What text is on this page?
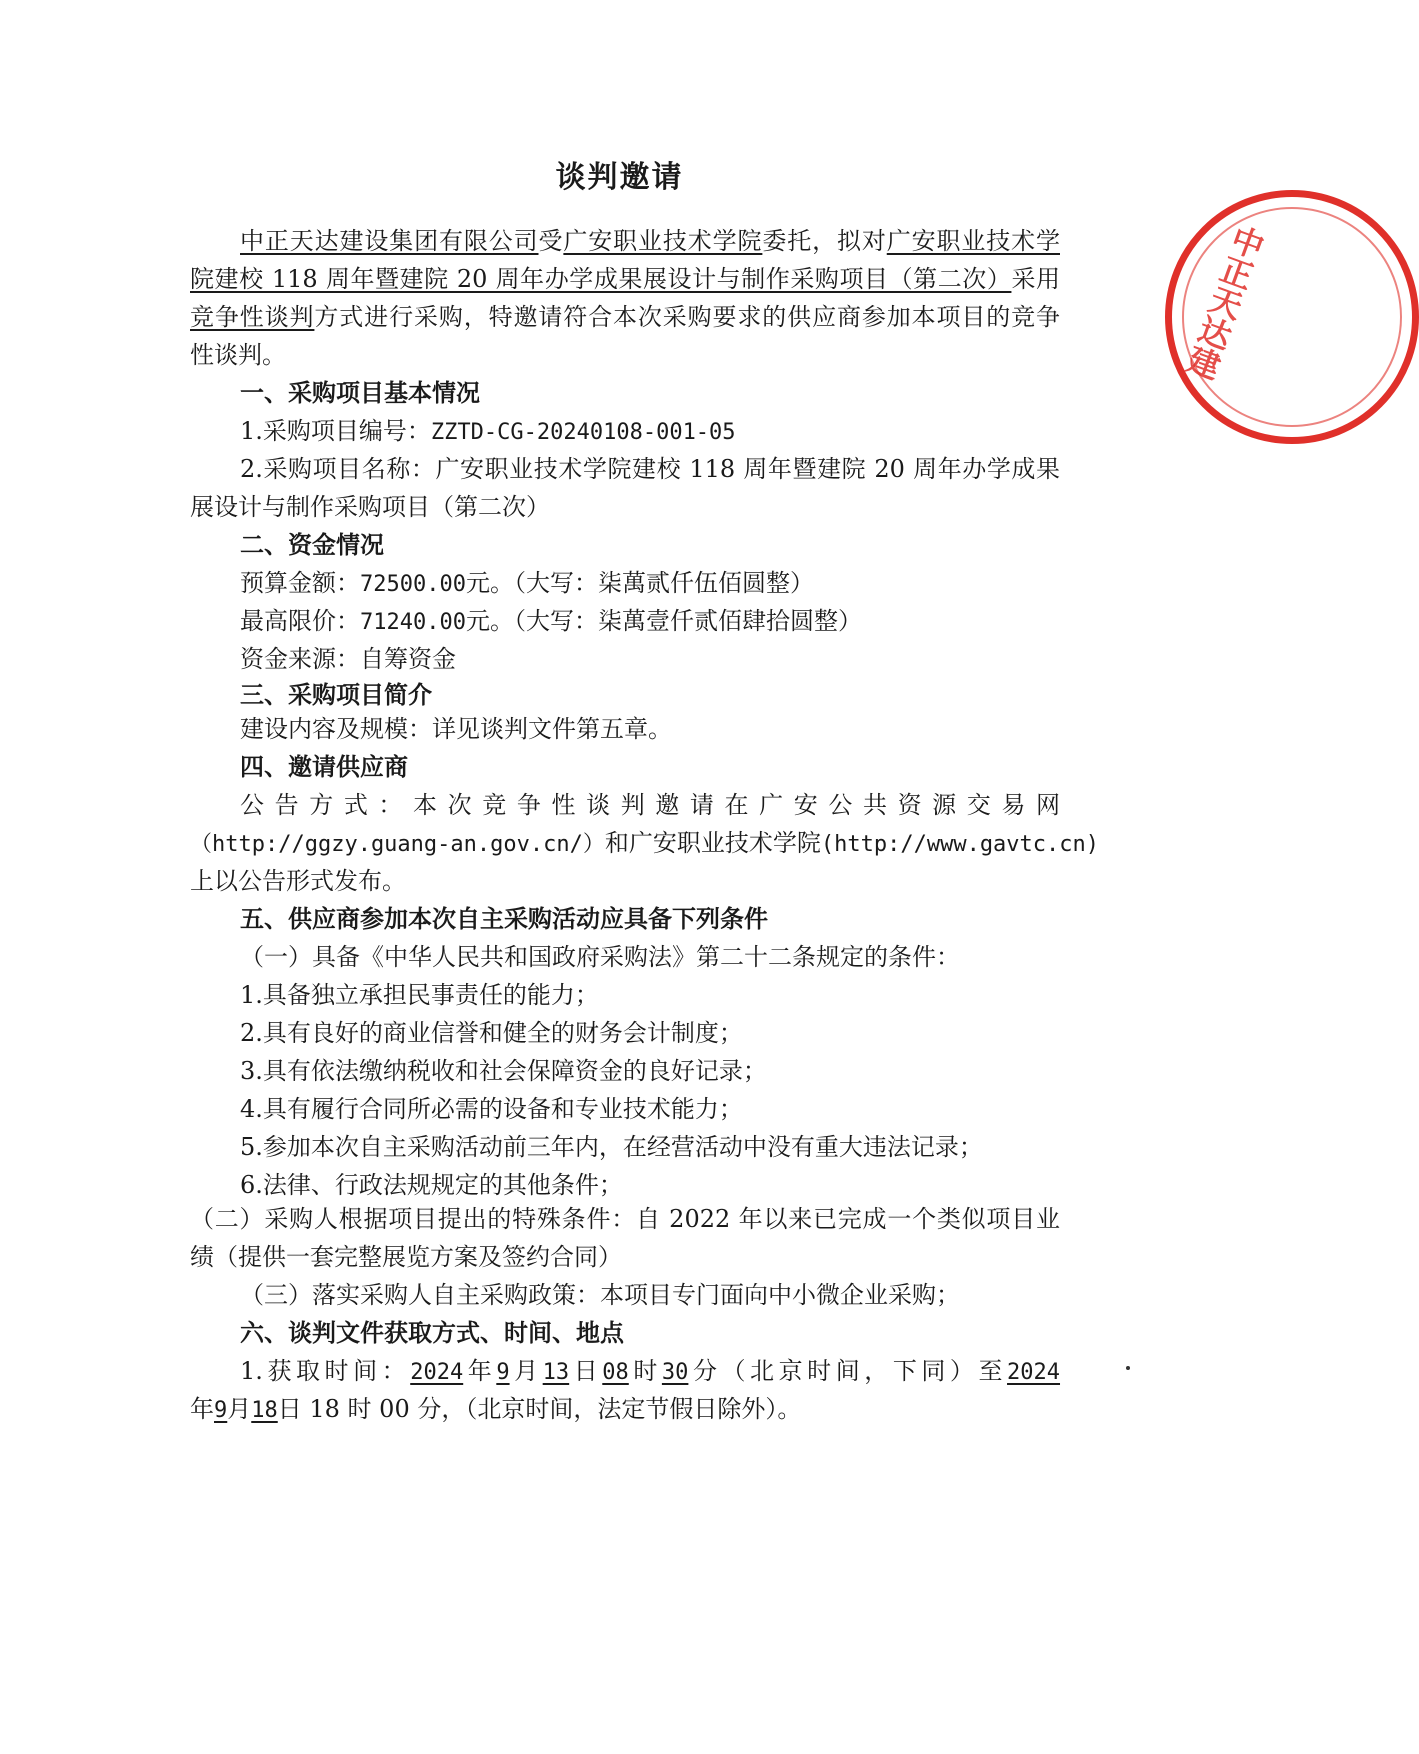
谈判邀请
中正天达建设集团有限公司受广安职业技术学院委托，拟对广安职业技术学
院建校 118 周年暨建院 20 周年办学成果展设计与制作采购项目（第二次）采用
竞争性谈判方式进行采购，特邀请符合本次采购要求的供应商参加本项目的竞争
性谈判。
一、采购项目基本情况
1.采购项目编号：ZZTD-CG-20240108-001-05
2.采购项目名称：广安职业技术学院建校 118 周年暨建院 20 周年办学成果
展设计与制作采购项目（第二次）
二、资金情况
预算金额：72500.00元。（大写：柒萬贰仟伍佰圆整）
最高限价：71240.00元。（大写：柒萬壹仟贰佰肆拾圆整）
资金来源：自筹资金
三、采购项目简介
建设内容及规模：详见谈判文件第五章。
四、邀请供应商
公告方式：本次竞争性谈判邀请在广安公共资源交易网
（http://ggzy.guang-an.gov.cn/）和广安职业技术学院(http://www.gavtc.cn)
上以公告形式发布。
五、供应商参加本次自主采购活动应具备下列条件
（一）具备《中华人民共和国政府采购法》第二十二条规定的条件：
1.具备独立承担民事责任的能力；
2.具有良好的商业信誉和健全的财务会计制度；
3.具有依法缴纳税收和社会保障资金的良好记录；
4.具有履行合同所必需的设备和专业技术能力；
5.参加本次自主采购活动前三年内，在经营活动中没有重大违法记录；
6.法律、行政法规规定的其他条件；
（二）采购人根据项目提出的特殊条件：自 2022 年以来已完成一个类似项目业
绩（提供一套完整展览方案及签约合同）
（三）落实采购人自主采购政策：本项目专门面向中小微企业采购；
六、谈判文件获取方式、时间、地点
1.获取时间：2024年9月13日08时30分（北京时间，下同）至2024
年9月18日 18 时 00 分，（北京时间，法定节假日除外）。
中正天达建
